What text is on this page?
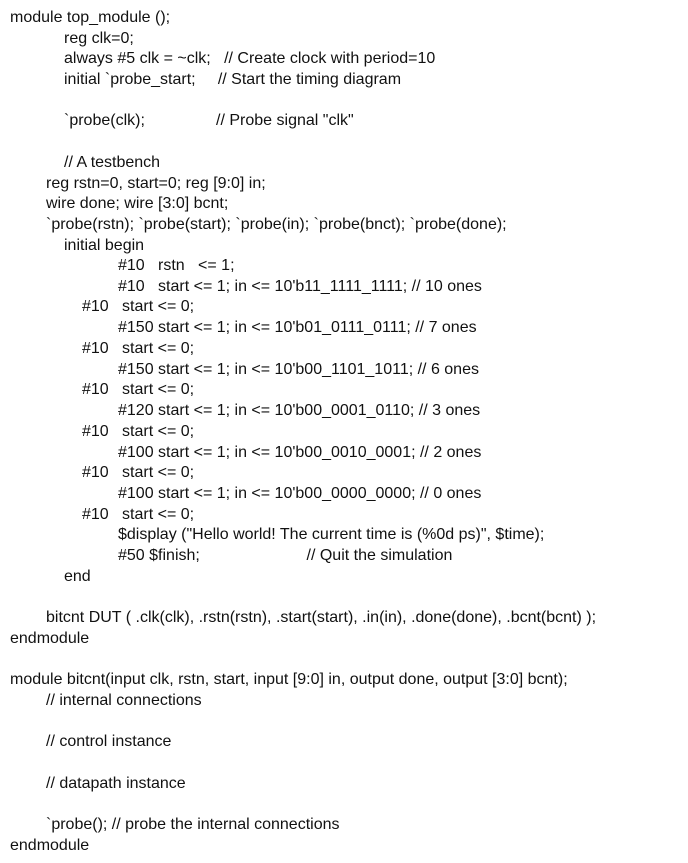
module top_module ();
reg clk=0;
always #5 clk = ~clk;   // Create clock with period=10
initial `probe_start;     // Start the timing diagram
`probe(clk);                // Probe signal "clk"
// A testbench
reg rstn=0, start=0; reg [9:0] in;
wire done; wire [3:0] bcnt;
`probe(rstn); `probe(start); `probe(in); `probe(bnct); `probe(done);
initial begin
#10   rstn   <= 1;
#10   start <= 1; in <= 10'b11_1111_1111; // 10 ones
#10   start <= 0;
#150 start <= 1; in <= 10'b01_0111_0111; // 7 ones
#10   start <= 0;
#150 start <= 1; in <= 10'b00_1101_1011; // 6 ones
#10   start <= 0;
#120 start <= 1; in <= 10'b00_0001_0110; // 3 ones
#10   start <= 0;
#100 start <= 1; in <= 10'b00_0010_0001; // 2 ones
#10   start <= 0;
#100 start <= 1; in <= 10'b00_0000_0000; // 0 ones
#10   start <= 0;
$display ("Hello world! The current time is (%0d ps)", $time);
#50 $finish;                        // Quit the simulation
end
bitcnt DUT ( .clk(clk), .rstn(rstn), .start(start), .in(in), .done(done), .bcnt(bcnt) );
endmodule
module bitcnt(input clk, rstn, start, input [9:0] in, output done, output [3:0] bcnt);
// internal connections
// control instance
// datapath instance
`probe(); // probe the internal connections
endmodule
